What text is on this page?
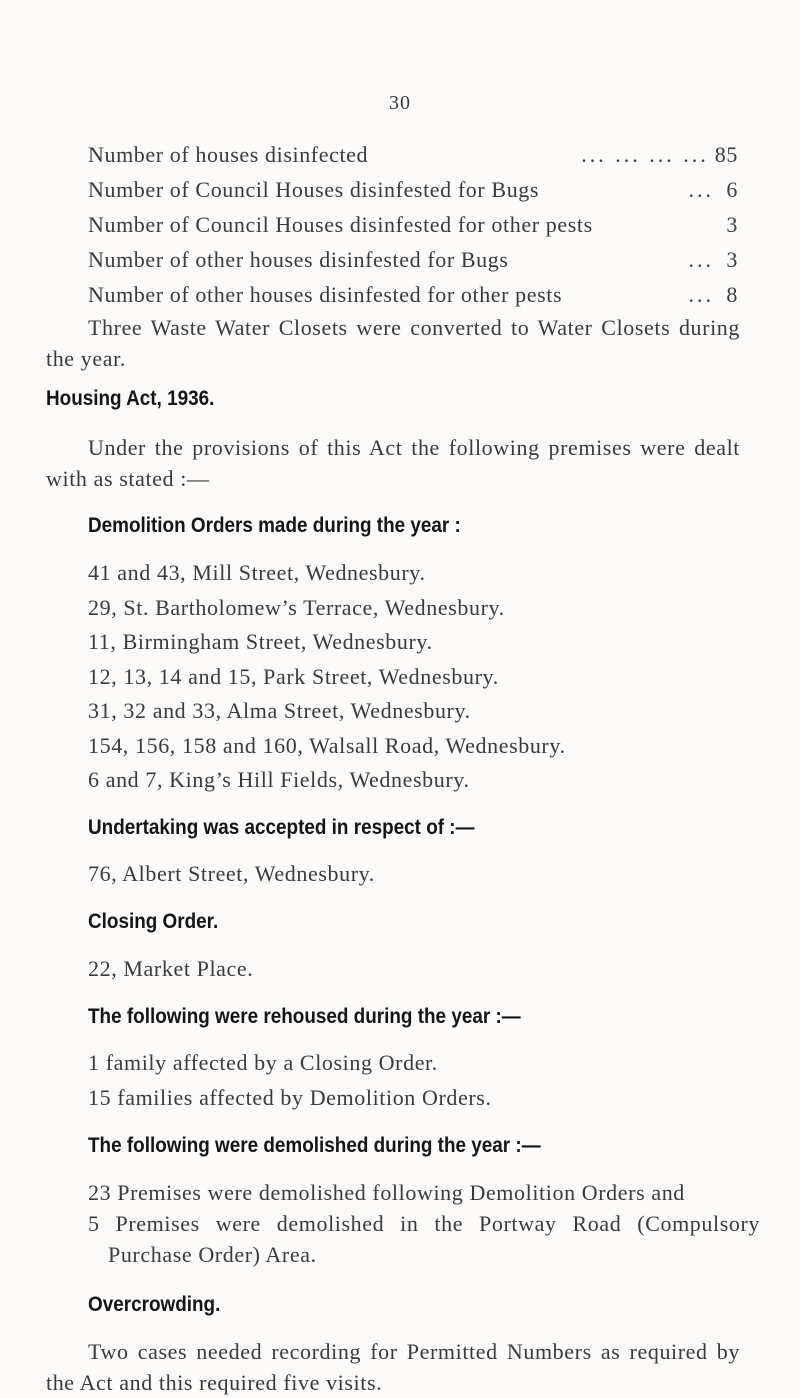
30
Number of houses disinfected	... ... ... ... 85
Number of Council Houses disinfested for Bugs	... 6
Number of Council Houses disinfested for other pests	3
Number of other houses disinfested for Bugs	... 3
Number of other houses disinfested for other pests	... 8

Three Waste Water Closets were converted to Water Closets during the year.

Housing Act, 1936.

Under the provisions of this Act the following premises were dealt with as stated :—

Demolition Orders made during the year :

41 and 43, Mill Street, Wednesbury.

29, St. Bartholomew’s Terrace, Wednesbury.

11, Birmingham Street, Wednesbury.

12, 13, 14 and 15, Park Street, Wednesbury.

31, 32 and 33, Alma Street, Wednesbury.

154, 156, 158 and 160, Walsall Road, Wednesbury.

6 and 7, King’s Hill Fields, Wednesbury.

Undertaking was accepted in respect of :—

76, Albert Street, Wednesbury.

Closing Order.

22, Market Place.

The following were rehoused during the year :—

1 family affected by a Closing Order.

15 families affected by Demolition Orders.

The following were demolished during the year :—

23 Premises were demolished following Demolition Orders and

5 Premises were demolished in the Portway Road (Compulsory Purchase Order) Area.

Overcrowding.

Two cases needed recording for Permitted Numbers as required by the Act and this required five visits.
